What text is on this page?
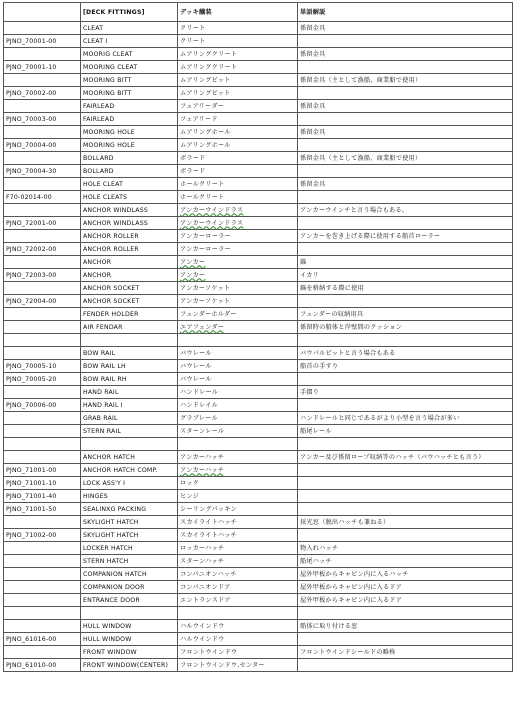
	[DECK FITTINGS]	デッキ艤装	単語解説
	CLEAT	クリート	係留金具
PJNO_70001-00	CLEAT I	クリート	
	MOORIG CLEAT	ムアリングクリート	係留金具
PJNO_70001-10	MOORING CLEAT	ムアリングクリート	
	MOORING BITT	ムアリングビット	係留金具（主として漁船、商業船で使用）
PJNO_70002-00	MOORING BITT	ムアリングビット	
	FAIRLEAD	フェアリーダー	係留金具
PJNO_70003-00	FAIRLEAD	フェアリード	
	MOORING HOLE	ムアリングホール	係留金具
PJNO_70004-00	MOORING HOLE	ムアリングホール	
	BOLLARD	ボラード	係留金具（主として漁船、商業船で使用）
PJNO_70004-30	BOLLARD	ボラード	
	HOLE CLEAT	ホールクリート	係留金具
F70-02014-00	HOLE CLEATS	ホールクリート	
	ANCHOR WINDLASS	アンカーウインドラス	アンカーウインチと言う場合もある。
PJNO_72001-00	ANCHOR WINDLASS	アンカーウインドラス	
	ANCHOR ROLLER	アンカーローラー	アンカーを巻き上げる際に使用する船首ローラー
PJNO_72002-00	ANCHOR ROLLER	アンカーローラー	
	ANCHOR	アンカー	錨
PJNO_72003-00	ANCHOR	アンカー	イカリ
	ANCHOR SOCKET	アンカーソケット	錨を格納する際に使用
PJNO_72004-00	ANCHOR SOCKET	アンカーソケット	
	FENDER HOLDER	フェンダーホルダー	フェンダーの収納用具
	AIR FENDAR	エアフェンダー	係留時の船体と岸壁間のクッション

	BOW RAIL	バウレール	バウパルピットと言う場合もある
PJNO_70005-10	BOW RAIL LH	バウレール	船首の手すり
PJNO_70005-20	BOW RAIL RH	バウレール	
	HAND RAIL	ハンドレール	手摺り
PJNO_70006-00	HAND RAIL I	ハンドレイル	
	GRAB RAIL	グラブレール	ハンドレールと同じであるがより小型を言う場合が多い
	STERN RAIL	スターンレール	船尾レール

	ANCHOR HATCH	アンカーハッチ	アンカー及び係留ロープ収納等のハッチ（バウハッチとも言う）
PJNO_71001-00	ANCHOR HATCH COMP.	アンカーハッチ	
PJNO_71001-10	LOCK ASS'Y I	ロック	
PJNO_71001-40	HINGES	ヒンジ	
PJNO_71001-50	SEALINXG PACKING	シーリングパッキン	
	SKYLIGHT HATCH	スカイライトハッチ	採光窓（脱出ハッチも兼ねる）
PJNO_71002-00	SKYLIGHT HATCH	スカイライトハッチ	
	LOCKER HATCH	ロッカーハッチ	物入れハッチ
	STERN HATCH	スターンハッチ	船尾ハッチ
	COMPANION HATCH	コンパニオンハッチ	屋外甲板からキャビン内に入るハッチ
	COMPANION DOOR	コンパニオンドア	屋外甲板からキャビン内に入るドア
	ENTRANCE DOOR	エントランスドア	屋外甲板からキャビン内に入るドア

	HULL WINDOW	ハルウインドウ	船体に取り付ける窓
PJNO_61016-00	HULL WINDOW	ハルウインドウ	
	FRONT WINDOW	フロントウインドウ	フロントウインドシールドの略称
PJNO_61010-00	FRONT WINDOW(CENTER)	フロントウインドウ,センター	
